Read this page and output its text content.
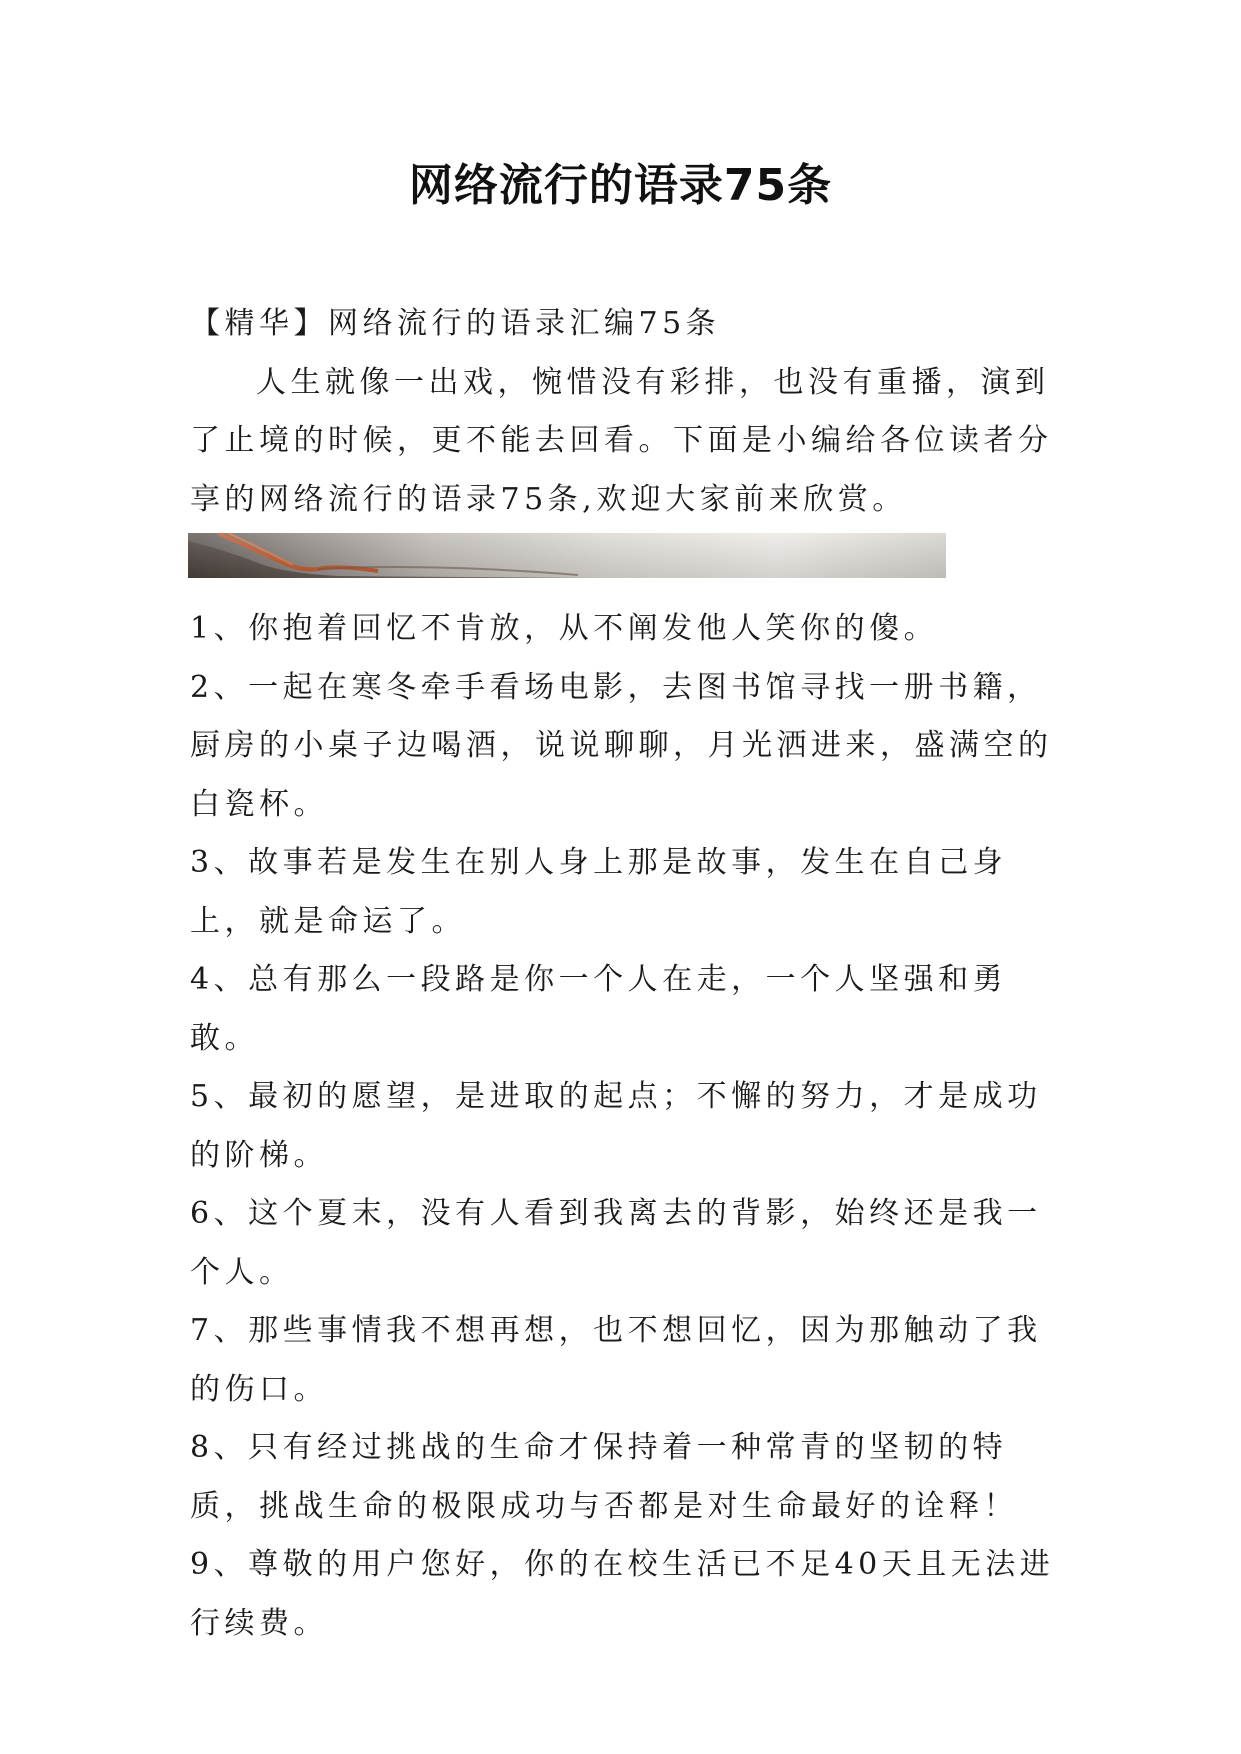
网络流行的语录75条

【精华】网络流行的语录汇编75条

人生就像一出戏，惋惜没有彩排，也没有重播，演到了止境的时候，更不能去回看。下面是小编给各位读者分享的网络流行的语录75条,欢迎大家前来欣赏。

1、你抱着回忆不肯放，从不阐发他人笑你的傻。

2、一起在寒冬牵手看场电影，去图书馆寻找一册书籍，厨房的小桌子边喝酒，说说聊聊，月光洒进来，盛满空的白瓷杯。

3、故事若是发生在别人身上那是故事，发生在自己身上，就是命运了。

4、总有那么一段路是你一个人在走，一个人坚强和勇敢。

5、最初的愿望，是进取的起点；不懈的努力，才是成功的阶梯。

6、这个夏末，没有人看到我离去的背影，始终还是我一个人。

7、那些事情我不想再想，也不想回忆，因为那触动了我的伤口。

8、只有经过挑战的生命才保持着一种常青的坚韧的特质，挑战生命的极限成功与否都是对生命最好的诠释！

9、尊敬的用户您好，你的在校生活已不足40天且无法进行续费。
